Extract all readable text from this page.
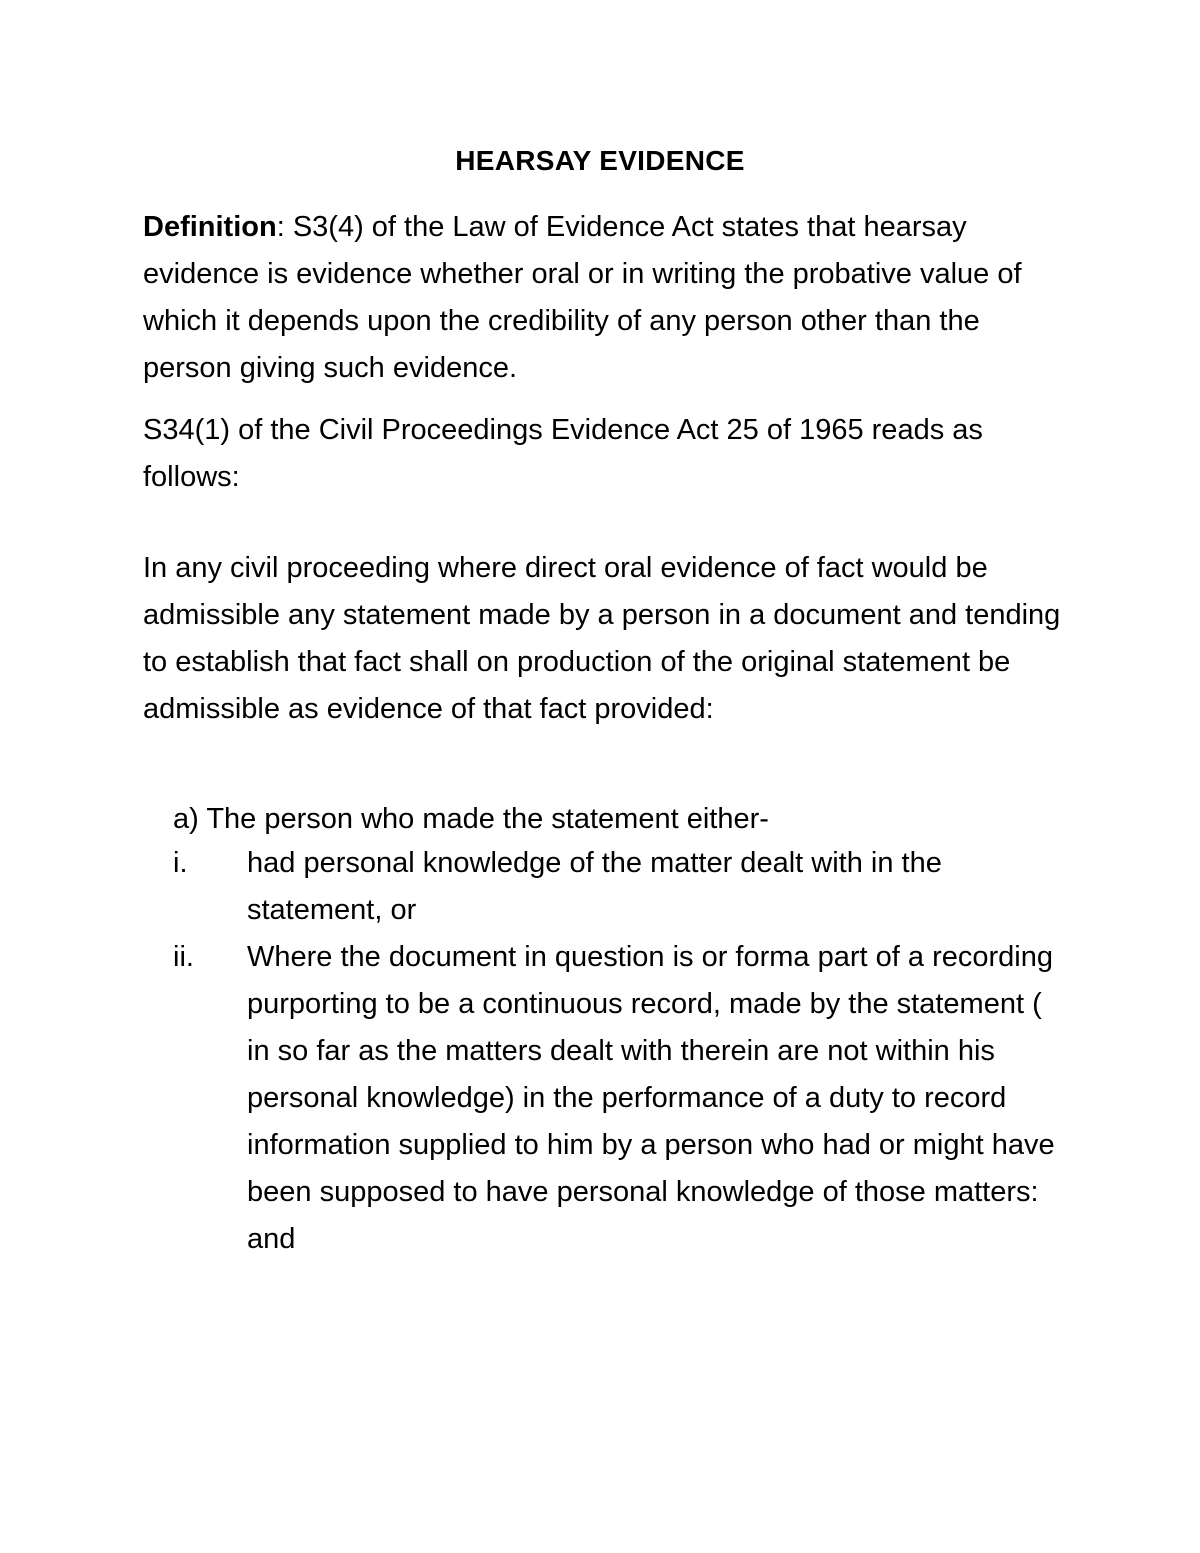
HEARSAY EVIDENCE

Definition: S3(4) of the Law of Evidence Act states that hearsay evidence is evidence whether oral or in writing the probative value of which it depends upon the credibility of any person other than the person giving such evidence.

S34(1) of the Civil Proceedings Evidence Act 25 of 1965 reads as follows:

In any civil proceeding where direct oral evidence of fact would be admissible any statement made by a person in a document and tending to establish that fact shall on production of the original statement be admissible as evidence of that fact provided:

a) The person who made the statement either-
i. had personal knowledge of the matter dealt with in the statement, or
ii. Where the document in question is or forma part of a recording purporting to be a continuous record, made by the statement ( in so far as the matters dealt with therein are not within his personal knowledge) in the performance of a duty to record information supplied to him by a person who had or might have been supposed to have personal knowledge of those matters: and
